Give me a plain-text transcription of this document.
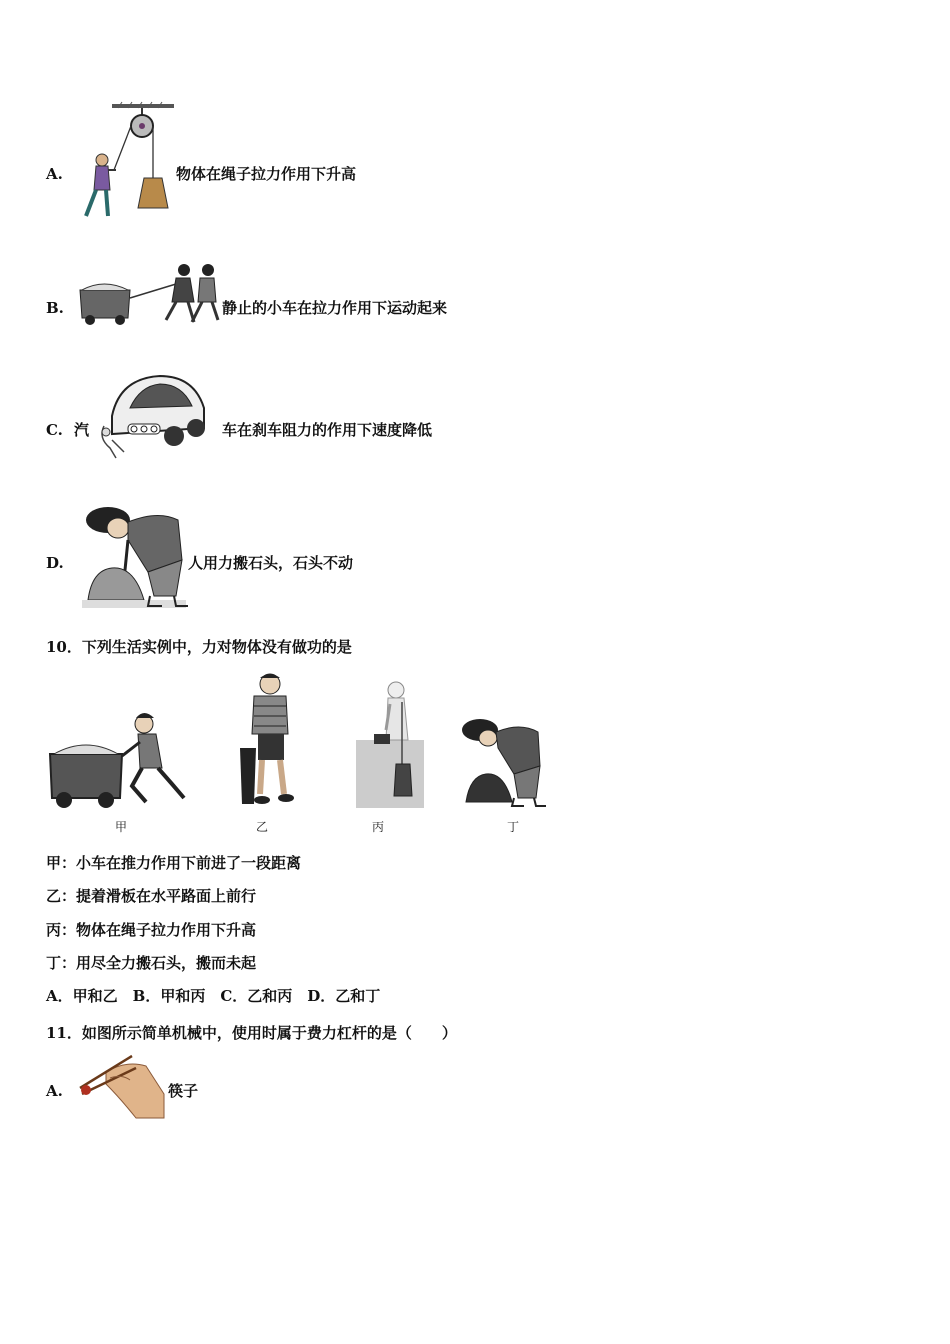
A.	物体在绳子拉力作用下升高
B.	静止的小车在拉力作用下运动起来
C. 汽	车在刹车阻力的作用下速度降低
D.	人用力搬石头，石头不动
10．下列生活实例中，力对物体没有做功的是
甲	乙	丙	丁
甲：小车在推力作用下前进了一段距离
乙：提着滑板在水平路面上前行
丙：物体在绳子拉力作用下升高
丁：用尽全力搬石头，搬而未起
A．甲和乙　B．甲和丙　C．乙和丙　D．乙和丁
11．如图所示简单机械中，使用时属于费力杠杆的是（　　）
A.	筷子
